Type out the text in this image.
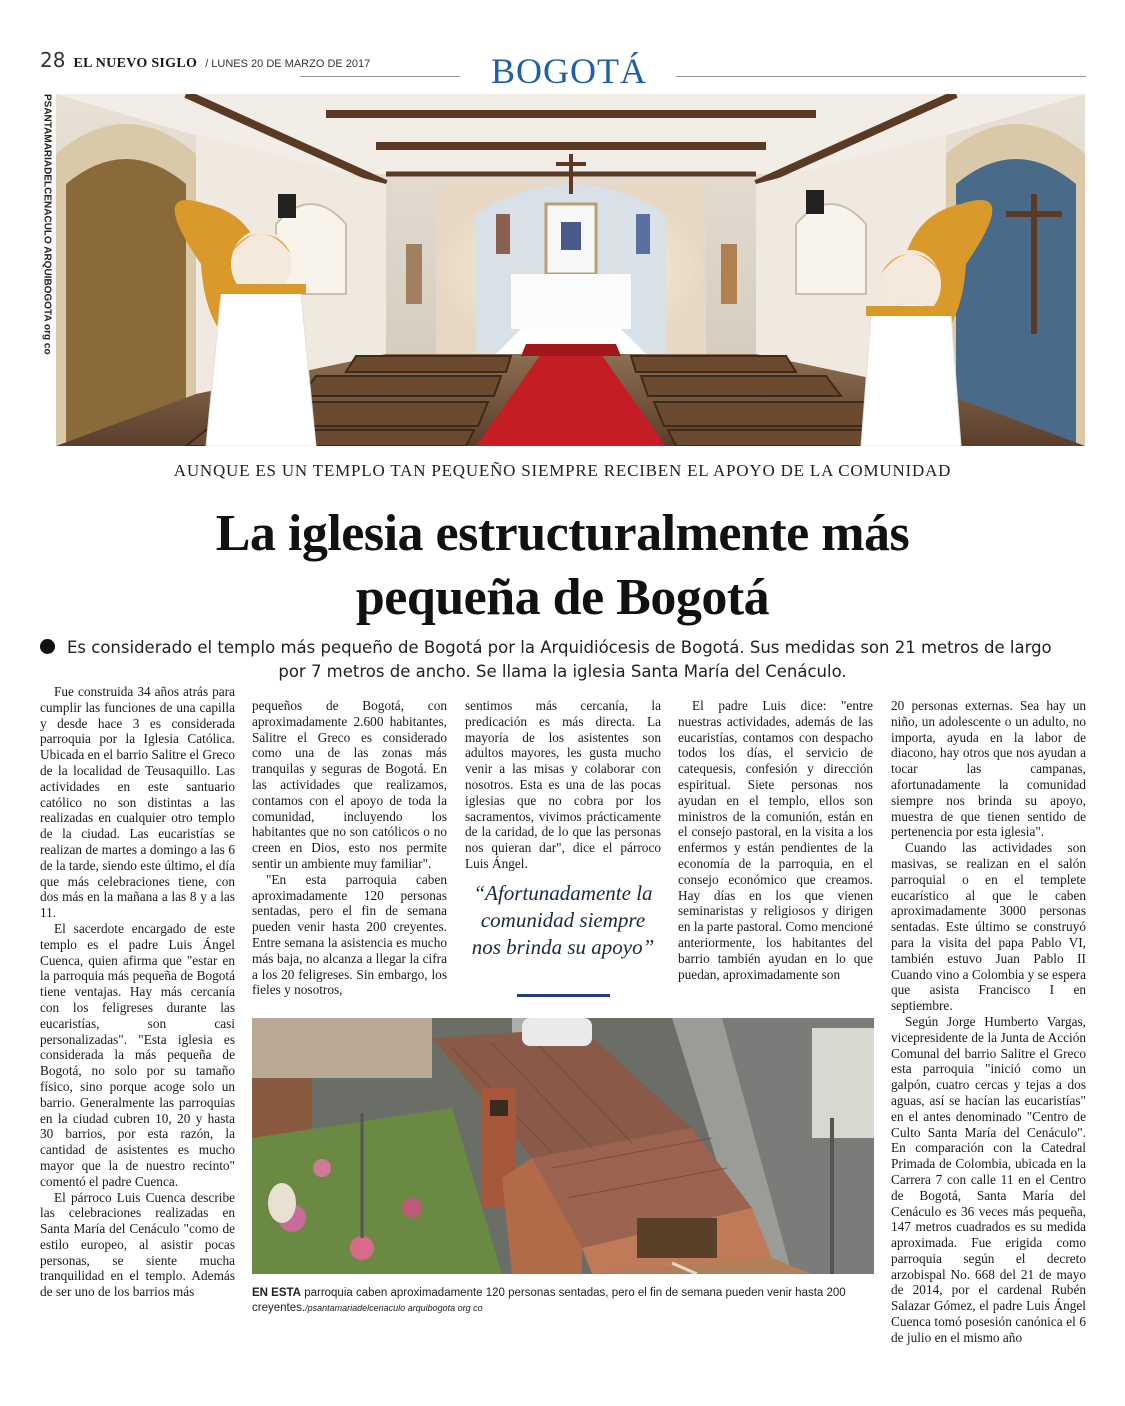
28 EL NUEVO SIGLO / LUNES 20 DE MARZO DE 2017	BOGOTÁ
PSANTAMARIADELCENACULO ARQUIBOGOTA org co
AUNQUE ES UN TEMPLO TAN PEQUEÑO SIEMPRE RECIBEN EL APOYO DE LA COMUNIDAD
La iglesia estructuralmente más
pequeña de Bogotá
Es considerado el templo más pequeño de Bogotá por la Arquidiócesis de Bogotá. Sus medidas son 21 metros de largo
por 7 metros de ancho. Se llama la iglesia Santa María del Cenáculo.

Fue construida 34 años atrás para cumplir las funciones de una capilla y desde hace 3 es considerada parroquia por la Iglesia Católica. Ubicada en el barrio Salitre el Greco de la localidad de Teusaquillo. Las actividades en este santuario católico no son distintas a las realizadas en cualquier otro templo de la ciudad. Las eucaristías se realizan de martes a domingo a las 6 de la tarde, siendo este último, el día que más celebraciones tiene, con dos más en la mañana a las 8 y a las 11.

El sacerdote encargado de este templo es el padre Luis Ángel Cuenca, quien afirma que "estar en la parroquia más pequeña de Bogotá tiene ventajas. Hay más cercanía con los feligreses durante las eucaristías, son casi personalizadas". "Esta iglesia es considerada la más pequeña de Bogotá, no solo por su tamaño físico, sino porque acoge solo un barrio. Generalmente las parroquias en la ciudad cubren 10, 20 y hasta 30 barrios, por esta razón, la cantidad de asistentes es mucho mayor que la de nuestro recinto" comentó el padre Cuenca.

El párroco Luis Cuenca describe las celebraciones realizadas en Santa María del Cenáculo "como de estilo europeo, al asistir pocas personas, se siente mucha tranquilidad en el templo. Además de ser uno de los barrios más

pequeños de Bogotá, con aproximadamente 2.600 habitantes, Salitre el Greco es considerado como una de las zonas más tranquilas y seguras de Bogotá. En las actividades que realizamos, contamos con el apoyo de toda la comunidad, incluyendo los habitantes que no son católicos o no creen en Dios, esto nos permite sentir un ambiente muy familiar".

"En esta parroquia caben aproximadamente 120 personas sentadas, pero el fin de semana pueden venir hasta 200 creyentes. Entre semana la asistencia es mucho más baja, no alcanza a llegar la cifra a los 20 feligreses. Sin embargo, los fieles y nosotros,

sentimos más cercanía, la predicación es más directa. La mayoría de los asistentes son adultos mayores, les gusta mucho venir a las misas y colaborar con nosotros. Esta es una de las pocas iglesias que no cobra por los sacramentos, vivimos prácticamente de la caridad, de lo que las personas nos quieran dar", dice el párroco Luis Ángel.

“Afortunadamente la comunidad siempre nos brinda su apoyo”

El padre Luis dice: "entre nuestras actividades, además de las eucaristías, contamos con despacho todos los días, el servicio de catequesis, confesión y dirección espiritual. Siete personas nos ayudan en el templo, ellos son ministros de la comunión, están en el consejo pastoral, en la visita a los enfermos y están pendientes de la economía de la parroquia, en el consejo económico que creamos. Hay días en los que vienen seminaristas y religiosos y dirigen en la parte pastoral. Como mencioné anteriormente, los habitantes del barrio también ayudan en lo que puedan, aproximadamente son

20 personas externas. Sea hay un niño, un adolescente o un adulto, no importa, ayuda en la labor de diacono, hay otros que nos ayudan a tocar las campanas, afortunadamente la comunidad siempre nos brinda su apoyo, muestra de que tienen sentido de pertenencia por esta iglesia".

Cuando las actividades son masivas, se realizan en el salón parroquial o en el templete eucarístico al que le caben aproximadamente 3000 personas sentadas. Este último se construyó para la visita del papa Pablo VI, también estuvo Juan Pablo II Cuando vino a Colombia y se espera que asista Francisco I en septiembre.

Según Jorge Humberto Vargas, vicepresidente de la Junta de Acción Comunal del barrio Salitre el Greco esta parroquia "inició como un galpón, cuatro cercas y tejas a dos aguas, así se hacían las eucaristías" en el antes denominado "Centro de Culto Santa María del Cenáculo". En comparación con la Catedral Primada de Colombia, ubicada en la Carrera 7 con calle 11 en el Centro de Bogotá, Santa María del Cenáculo es 36 veces más pequeña, 147 metros cuadrados es su medida aproximada. Fue erigida como parroquia según el decreto arzobispal No. 668 del 21 de mayo de 2014, por el cardenal Rubén Salazar Gómez, el padre Luis Ángel Cuenca tomó posesión canónica el 6 de julio en el mismo año

EN ESTA parroquia caben aproximadamente 120 personas sentadas, pero el fin de semana pueden venir hasta 200 creyentes./psantamariadelcenaculo arquibogota org co
